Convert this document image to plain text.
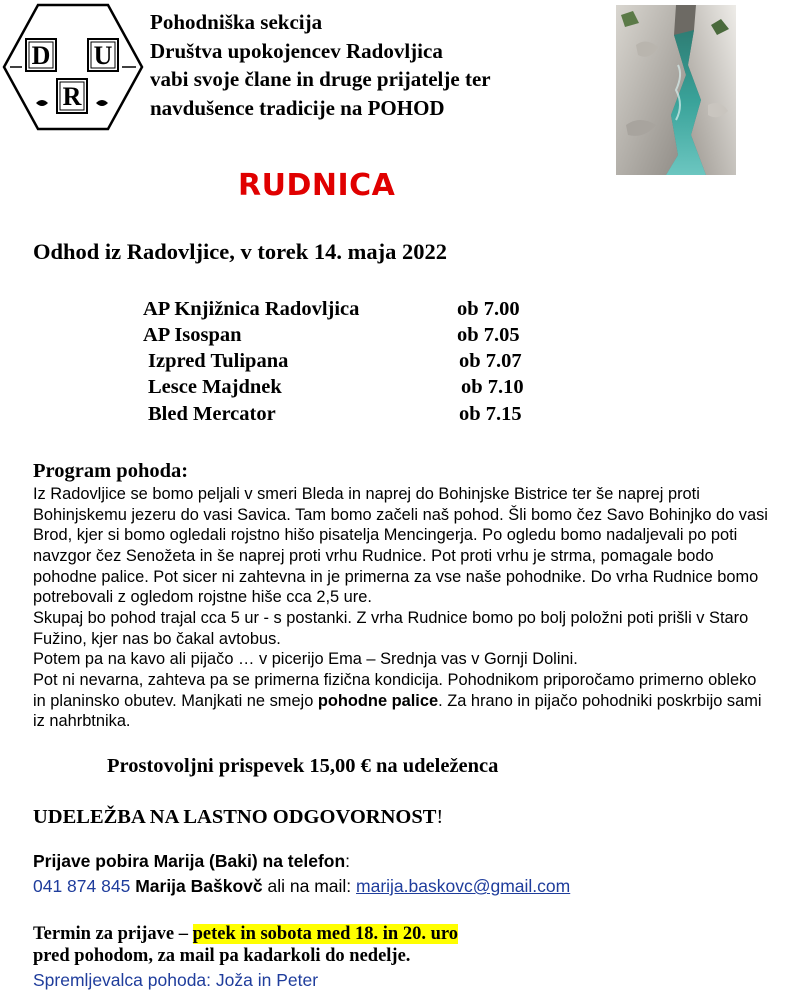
D U
R
Pohodniška sekcija
Društva upokojencev Radovljica
vabi svoje člane in druge prijatelje ter
navdušence tradicije na POHOD
RUDNICA
Odhod iz Radovljice, v torek 14. maja 2022
AP Knjižnica Radovljica	ob 7.00
AP Isospan	ob 7.05
Izpred Tulipana	ob 7.07
Lesce Majdnek	ob 7.10
Bled Mercator	ob 7.15
Program pohoda:

Iz Radovljice se bomo peljali v smeri Bleda in naprej do Bohinjske Bistrice ter še naprej proti Bohinjskemu jezeru do vasi Savica. Tam bomo začeli naš pohod. Šli bomo čez Savo Bohinjko do vasi Brod, kjer si bomo ogledali rojstno hišo pisatelja Mencingerja. Po ogledu bomo nadaljevali po poti navzgor čez Senožeta in še naprej proti vrhu Rudnice. Pot proti vrhu je strma, pomagale bodo pohodne palice. Pot sicer ni zahtevna in je primerna za vse naše pohodnike. Do vrha Rudnice bomo potrebovali z ogledom rojstne hiše cca 2,5 ure.

Skupaj bo pohod trajal cca 5 ur - s postanki. Z vrha Rudnice bomo po bolj položni poti prišli v Staro Fužino, kjer nas bo čakal avtobus.

Potem pa na kavo ali pijačo … v picerijo Ema – Srednja vas v Gornji Dolini.

Pot ni nevarna, zahteva pa se primerna fizična kondicija. Pohodnikom priporočamo primerno obleko in planinsko obutev. Manjkati ne smejo pohodne palice. Za hrano in pijačo pohodniki poskrbijo sami iz nahrbtnika.

Prostovoljni prispevek 15,00 € na udeleženca
UDELEŽBA NA LASTNO ODGOVORNOST!
Prijave pobira Marija (Baki) na telefon:
041 874 845 Marija Baškovč ali na mail: marija.baskovc@gmail.com
Termin za prijave – petek in sobota med 18. in 20. uro
pred pohodom, za mail pa kadarkoli do nedelje.
Spremljevalca pohoda: Joža in Peter
